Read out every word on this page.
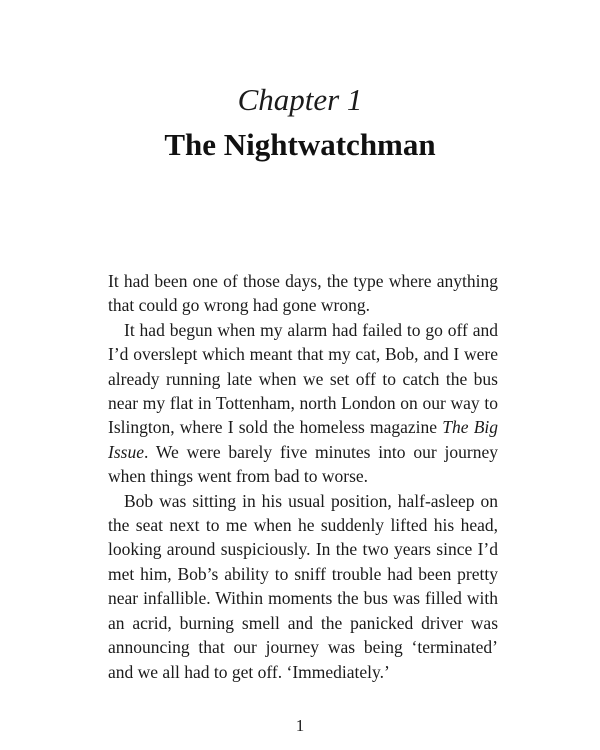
Chapter 1
The Nightwatchman

It had been one of those days, the type where anything that could go wrong had gone wrong.

It had begun when my alarm had failed to go off and I’d overslept which meant that my cat, Bob, and I were already running late when we set off to catch the bus near my flat in Tottenham, north London on our way to Islington, where I sold the homeless magazine The Big Issue. We were barely five minutes into our journey when things went from bad to worse.

Bob was sitting in his usual position, half-asleep on the seat next to me when he suddenly lifted his head, looking around suspiciously. In the two years since I’d met him, Bob’s ability to sniff trouble had been pretty near infallible. Within moments the bus was filled with an acrid, burning smell and the panicked driver was announcing that our journey was being ‘terminated’ and we all had to get off. ‘Immediately.’

1
